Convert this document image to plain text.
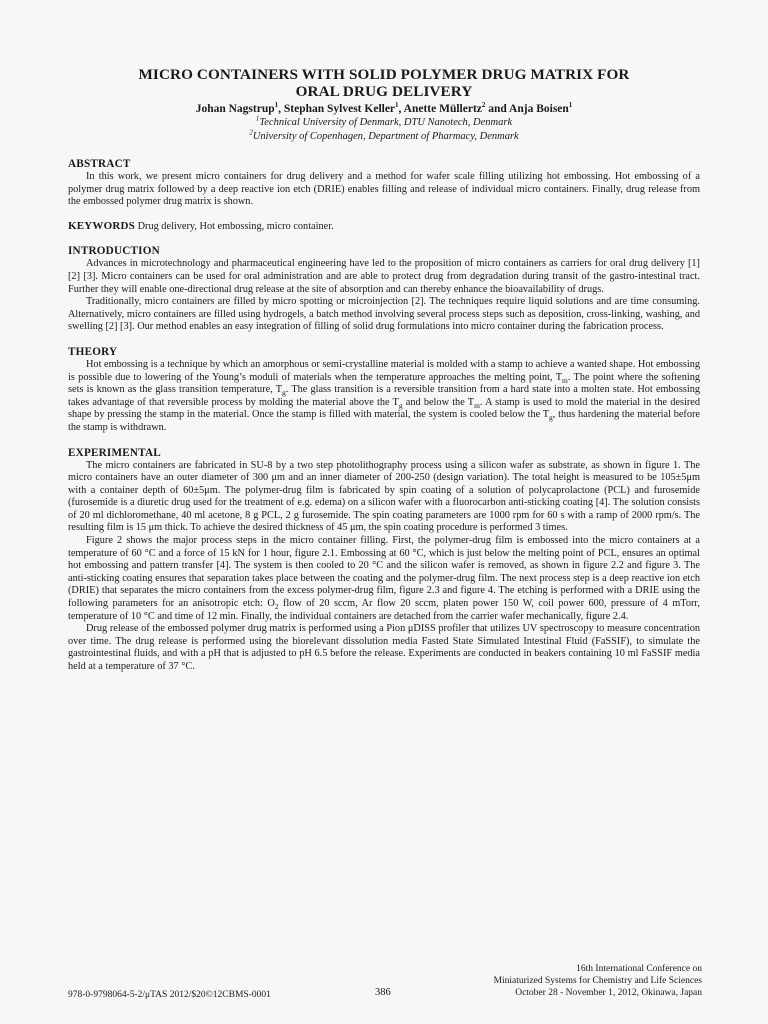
MICRO CONTAINERS WITH SOLID POLYMER DRUG MATRIX FOR
ORAL DRUG DELIVERY
Johan Nagstrup$^1$, Stephan Sylvest Keller$^1$, Anette Müllertz$^2$ and Anja Boisen$^1$
$^1$Technical University of Denmark, DTU Nanotech, Denmark
$^2$University of Copenhagen, Department of Pharmacy, Denmark
ABSTRACT

In this work, we present micro containers for drug delivery and a method for wafer scale filling utilizing hot embossing. Hot embossing of a polymer drug matrix followed by a deep reactive ion etch (DRIE) enables filling and release of individual micro containers. Finally, drug release from the embossed polymer drug matrix is shown.

KEYWORDS Drug delivery, Hot embossing, micro container.
INTRODUCTION

Advances in microtechnology and pharmaceutical engineering have led to the proposition of micro containers as carriers for oral drug delivery [1] [2] [3]. Micro containers can be used for oral administration and are able to protect drug from degradation during transit of the gastro-intestinal tract. Further they will enable one-directional drug release at the site of absorption and can thereby enhance the bioavailability of drugs.

Traditionally, micro containers are filled by micro spotting or microinjection [2]. The techniques require liquid solutions and are time consuming. Alternatively, micro containers are filled using hydrogels, a batch method involving several process steps such as deposition, cross-linking, washing, and swelling [2] [3]. Our method enables an easy integration of filling of solid drug formulations into micro container during the fabrication process.

THEORY

Hot embossing is a technique by which an amorphous or semi-crystalline material is molded with a stamp to achieve a wanted shape. Hot embossing is possible due to lowering of the Young’s moduli of materials when the temperature approaches the melting point, $T_m$. The point where the softening sets is known as the glass transition temperature, $T_g$. The glass transition is a reversible transition from a hard state into a molten state. Hot embossing takes advantage of that reversible process by molding the material above the $T_g$ and below the $T_m$. A stamp is used to mold the material in the desired shape by pressing the stamp in the material. Once the stamp is filled with material, the system is cooled below the $T_g$, thus hardening the material before the stamp is withdrawn.

EXPERIMENTAL

The micro containers are fabricated in SU-8 by a two step photolithography process using a silicon wafer as substrate, as shown in figure 1. The micro containers have an outer diameter of 300 μm and an inner diameter of 200-250 (design variation). The total height is measured to be 105±5μm with a container depth of 60±5μm. The polymer-drug film is fabricated by spin coating of a solution of polycaprolactone (PCL) and furosemide (furosemide is a diuretic drug used for the treatment of e.g. edema) on a silicon wafer with a fluorocarbon anti-sticking coating [4]. The solution consists of 20 ml dichloromethane, 40 ml acetone, 8 g PCL, 2 g furosemide. The spin coating parameters are 1000 rpm for 60 s with a ramp of 2000 rpm/s. The resulting film is 15 μm thick. To achieve the desired thickness of 45 μm, the spin coating procedure is performed 3 times.

Figure 2 shows the major process steps in the micro container filling. First, the polymer-drug film is embossed into the micro containers at a temperature of 60 °C and a force of 15 kN for 1 hour, figure 2.1. Embossing at 60 °C, which is just below the melting point of PCL, ensures an optimal hot embossing and pattern transfer [4]. The system is then cooled to 20 °C and the silicon wafer is removed, as shown in figure 2.2 and figure 3. The anti-sticking coating ensures that separation takes place between the coating and the polymer-drug film. The next process step is a deep reactive ion etch (DRIE) that separates the micro containers from the excess polymer-drug film, figure 2.3 and figure 4. The etching is performed with a DRIE using the following parameters for an anisotropic etch: $O_2$ flow of 20 sccm, Ar flow 20 sccm, platen power 150 W, coil power 600, pressure of 4 mTorr, temperature of 10 °C and time of 12 min. Finally, the individual containers are detached from the carrier wafer mechanically, figure 2.4.

Drug release of the embossed polymer drug matrix is performed using a Pion μDISS profiler that utilizes UV spectroscopy to measure concentration over time. The drug release is performed using the biorelevant dissolution media Fasted State Simulated Intestinal Fluid (FaSSIF), to simulate the gastrointestinal fluids, and with a pH that is adjusted to pH 6.5 before the release. Experiments are conducted in beakers containing 10 ml FaSSIF media held at a temperature of 37 °C.

978-0-9798064-5-2/μTAS 2012/$20©12CBMS-0001	386
16th International Conference on
Miniaturized Systems for Chemistry and Life Sciences
October 28 - November 1, 2012, Okinawa, Japan
